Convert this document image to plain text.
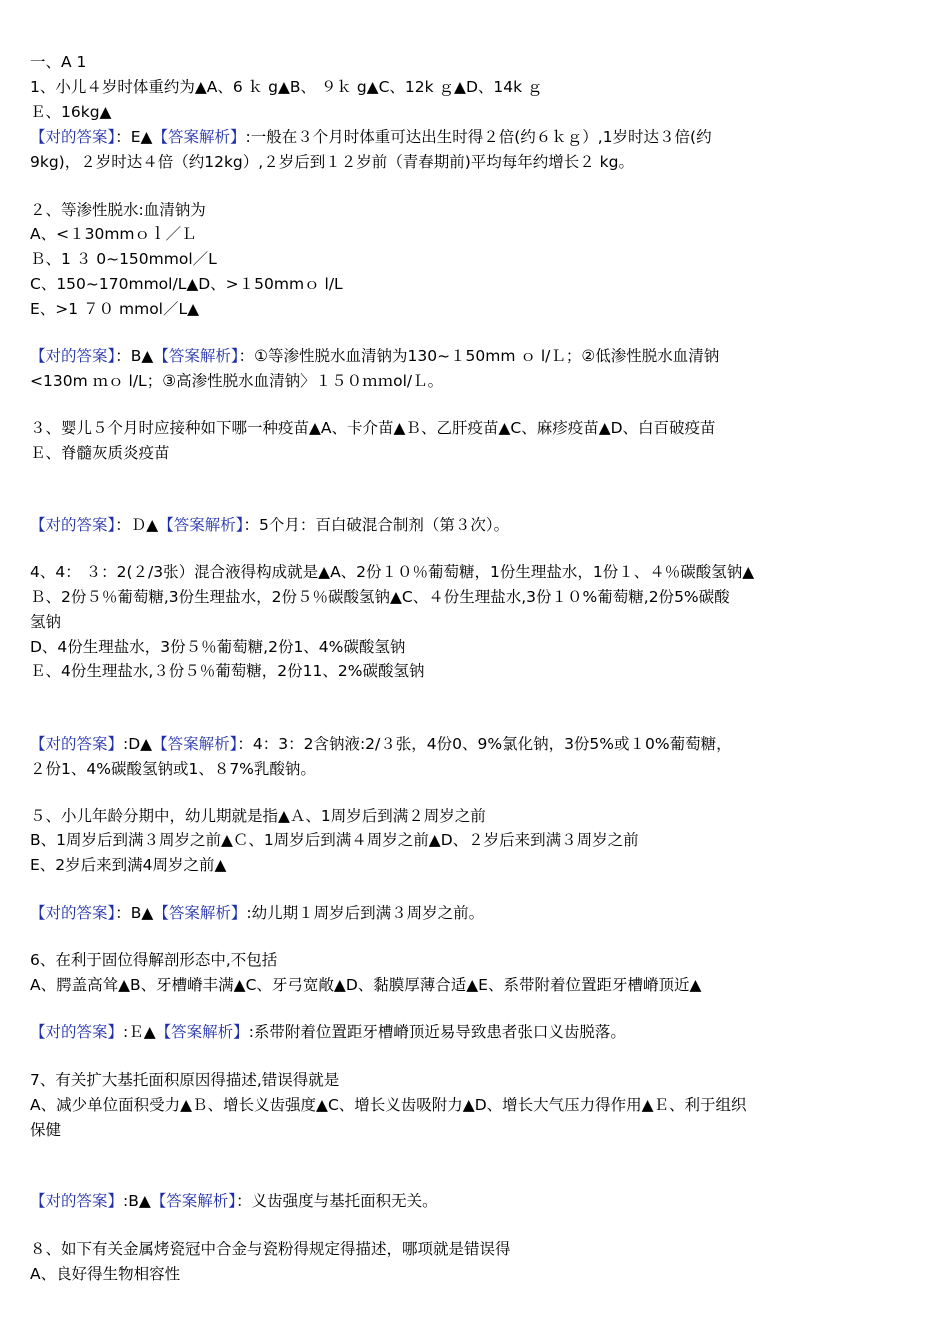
一、A 1
1、小儿４岁时体重约为▲A、6 ｋ g▲B、 ９ｋ g▲C、12k ｇ▲D、14k ｇ
Ｅ、16kg▲
【对的答案】：E▲【答案解析】:一般在３个月时体重可达出生时得２倍(约６ｋｇ）,1岁时达３倍(约
9kg)，２岁时达４倍（约12kg）,２岁后到１２岁前（青春期前)平均每年约增长２ kg。
２、等渗性脱水:血清钠为
A、<１30mmｏｌ／Ｌ
Ｂ、1 ３ 0~150mmol／L
C、150~170mmol/L▲D、>１50mmｏ l/L
E、>1 ７０ mmol／L▲
【对的答案】：B▲【答案解析】：①等渗性脱水血清钠为130~１50mm ｏ l/Ｌ；②低渗性脱水血清钠
<130m ｍｏ l/L；③高渗性脱水血清钠〉１５０ｍｍol/Ｌ。
３、婴儿５个月时应接种如下哪一种疫苗▲A、卡介苗▲Ｂ、乙肝疫苗▲C、麻疹疫苗▲D、白百破疫苗
Ｅ、脊髓灰质炎疫苗
【对的答案】：Ｄ▲【答案解析】：5个月：百白破混合制剂（第３次）。
4、4： ３：2(２/3张）混合液得构成就是▲A、2份１０％葡萄糖，1份生理盐水，1份１、４％碳酸氢钠▲
Ｂ、2份５％葡萄糖,3份生理盐水，2份５％碳酸氢钠▲C、４份生理盐水,3份１０%葡萄糖,2份5%碳酸
氢钠
D、4份生理盐水，3份５％葡萄糖,2份1、4%碳酸氢钠
Ｅ、4份生理盐水,３份５％葡萄糖，2份11、2%碳酸氢钠
【对的答案】:D▲【答案解析】：4：3：2含钠液:2/３张，4份0、9%氯化钠，3份5%或１0%葡萄糖，
２份1、4%碳酸氢钠或1、８7%乳酸钠。
５、小儿年龄分期中，幼儿期就是指▲Ａ、1周岁后到满２周岁之前
B、1周岁后到满３周岁之前▲Ｃ、1周岁后到满４周岁之前▲D、２岁后来到满３周岁之前
E、2岁后来到满4周岁之前▲
【对的答案】：B▲【答案解析】:幼儿期１周岁后到满３周岁之前。
6、在利于固位得解剖形态中,不包括
A、腭盖高耸▲B、牙槽嵴丰满▲C、牙弓宽敞▲D、黏膜厚薄合适▲E、系带附着位置距牙槽嵴顶近▲
【对的答案】:Ｅ▲【答案解析】:系带附着位置距牙槽嵴顶近易导致患者张口义齿脱落。
7、有关扩大基托面积原因得描述,错误得就是
A、减少单位面积受力▲Ｂ、增长义齿强度▲C、增长义齿吸附力▲D、增长大气压力得作用▲Ｅ、利于组织
保健
【对的答案】:B▲【答案解析】：义齿强度与基托面积无关。
８、如下有关金属烤瓷冠中合金与瓷粉得规定得描述，哪项就是错误得
A、良好得生物相容性
